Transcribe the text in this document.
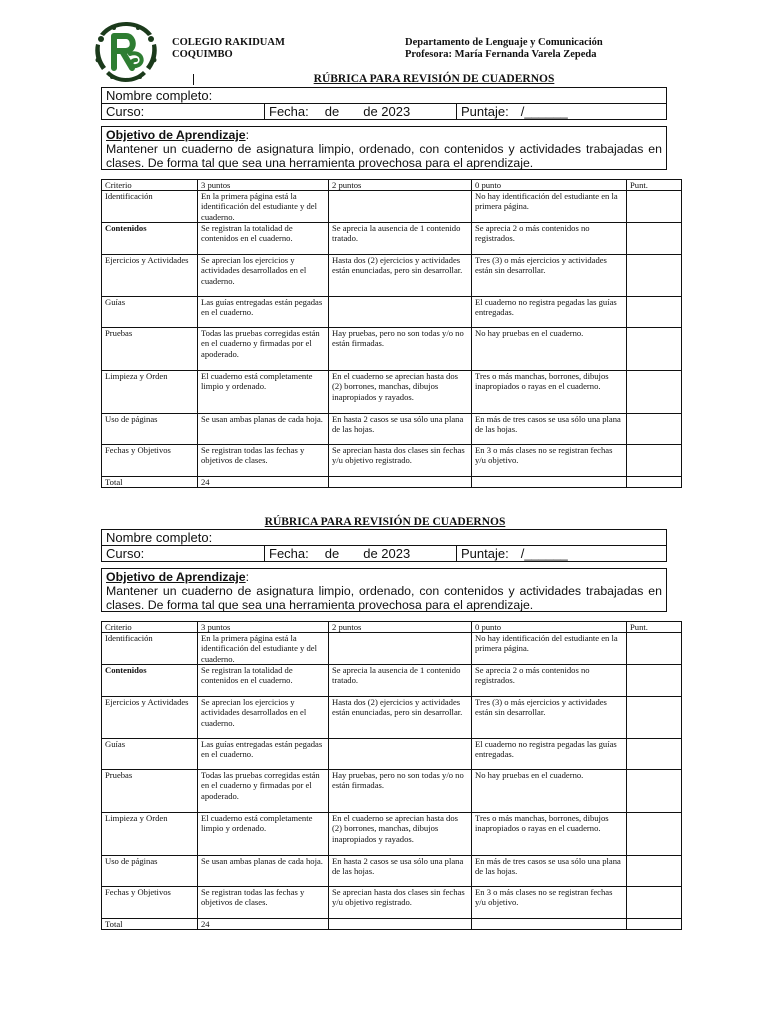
COLEGIO RAKIDUAM
COQUIMBO
Departamento de Lenguaje y Comunicación
Profesora: María Fernanda Varela Zepeda
RÚBRICA PARA REVISIÓN DE CUADERNOS
Nombre completo:
Curso:	Fecha: de de 2023	Puntaje: /______
Objetivo de Aprendizaje:
Mantener un cuaderno de asignatura limpio, ordenado, con contenidos y actividades trabajadas en clases. De forma tal que sea una herramienta provechosa para el aprendizaje.
Criterio	3 puntos	2 puntos	0 punto	Punt.
Identificación	En la primera página está la identificación del estudiante y del cuaderno.		No hay identificación del estudiante en la primera página.	
Contenidos	Se registran la totalidad de contenidos en el cuaderno.	Se aprecia la ausencia de 1 contenido tratado.	Se aprecia 2 o más contenidos no registrados.	
Ejercicios y Actividades	Se aprecian los ejercicios y actividades desarrollados en el cuaderno.	Hasta dos (2) ejercicios y actividades están enunciadas, pero sin desarrollar.	Tres (3) o más ejercicios y actividades están sin desarrollar.	
Guías	Las guías entregadas están pegadas en el cuaderno.		El cuaderno no registra pegadas las guías entregadas.	
Pruebas	Todas las pruebas corregidas están en el cuaderno y firmadas por el apoderado.	Hay pruebas, pero no son todas y/o no están firmadas.	No hay pruebas en el cuaderno.	
Limpieza y Orden	El cuaderno está completamente limpio y ordenado.	En el cuaderno se aprecian hasta dos (2) borrones, manchas, dibujos inapropiados y rayados.	Tres o más manchas, borrones, dibujos inapropiados o rayas en el cuaderno.	
Uso de páginas	Se usan ambas planas de cada hoja.	En hasta 2 casos se usa sólo una plana de las hojas.	En más de tres casos se usa sólo una plana de las hojas.	
Fechas y Objetivos	Se registran todas las fechas y objetivos de clases.	Se aprecian hasta dos clases sin fechas y/u objetivo registrado.	En 3 o más clases no se registran fechas y/u objetivo.	
Total	24			
RÚBRICA PARA REVISIÓN DE CUADERNOS
Nombre completo:
Curso:	Fecha: de de 2023	Puntaje: /______
Objetivo de Aprendizaje:
Mantener un cuaderno de asignatura limpio, ordenado, con contenidos y actividades trabajadas en clases. De forma tal que sea una herramienta provechosa para el aprendizaje.
Criterio	3 puntos	2 puntos	0 punto	Punt.
Identificación	En la primera página está la identificación del estudiante y del cuaderno.		No hay identificación del estudiante en la primera página.	
Contenidos	Se registran la totalidad de contenidos en el cuaderno.	Se aprecia la ausencia de 1 contenido tratado.	Se aprecia 2 o más contenidos no registrados.	
Ejercicios y Actividades	Se aprecian los ejercicios y actividades desarrollados en el cuaderno.	Hasta dos (2) ejercicios y actividades están enunciadas, pero sin desarrollar.	Tres (3) o más ejercicios y actividades están sin desarrollar.	
Guías	Las guías entregadas están pegadas en el cuaderno.		El cuaderno no registra pegadas las guías entregadas.	
Pruebas	Todas las pruebas corregidas están en el cuaderno y firmadas por el apoderado.	Hay pruebas, pero no son todas y/o no están firmadas.	No hay pruebas en el cuaderno.	
Limpieza y Orden	El cuaderno está completamente limpio y ordenado.	En el cuaderno se aprecian hasta dos (2) borrones, manchas, dibujos inapropiados y rayados.	Tres o más manchas, borrones, dibujos inapropiados o rayas en el cuaderno.	
Uso de páginas	Se usan ambas planas de cada hoja.	En hasta 2 casos se usa sólo una plana de las hojas.	En más de tres casos se usa sólo una plana de las hojas.	
Fechas y Objetivos	Se registran todas las fechas y objetivos de clases.	Se aprecian hasta dos clases sin fechas y/u objetivo registrado.	En 3 o más clases no se registran fechas y/u objetivo.	
Total	24			
